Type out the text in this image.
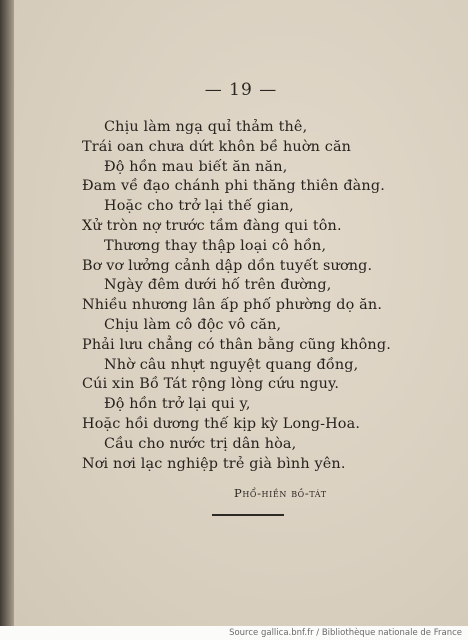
— 19 —
Chịu làm ngạ quỉ thảm thê,
Trái oan chưa dứt khôn bề huờn căn
Độ hồn mau biết ăn năn,
Đam về đạo chánh phi thăng thiên đàng.
Hoặc cho trở lại thế gian,
Xử tròn nợ trước tầm đàng qui tôn.
Thương thay thập loại cô hồn,
Bơ vơ lưởng cảnh dập dồn tuyết sương.
Ngày đêm dưới hố trên đường,
Nhiều nhương lân ấp phố phường dọ ăn.
Chịu làm cô độc vô căn,
Phải lưu chẳng có thân bằng cũng không.
Nhờ câu nhựt nguyệt quang đồng,
Cúi xin Bồ Tát rộng lòng cứu nguy.
Độ hồn trở lại qui y,
Hoặc hồi dương thế kịp kỳ Long-Hoa.
Cầu cho nước trị dân hòa,
Nơi nơi lạc nghiệp trẻ già bình yên.
Phổ-hiền bồ-tát
Source gallica.bnf.fr / Bibliothèque nationale de France
